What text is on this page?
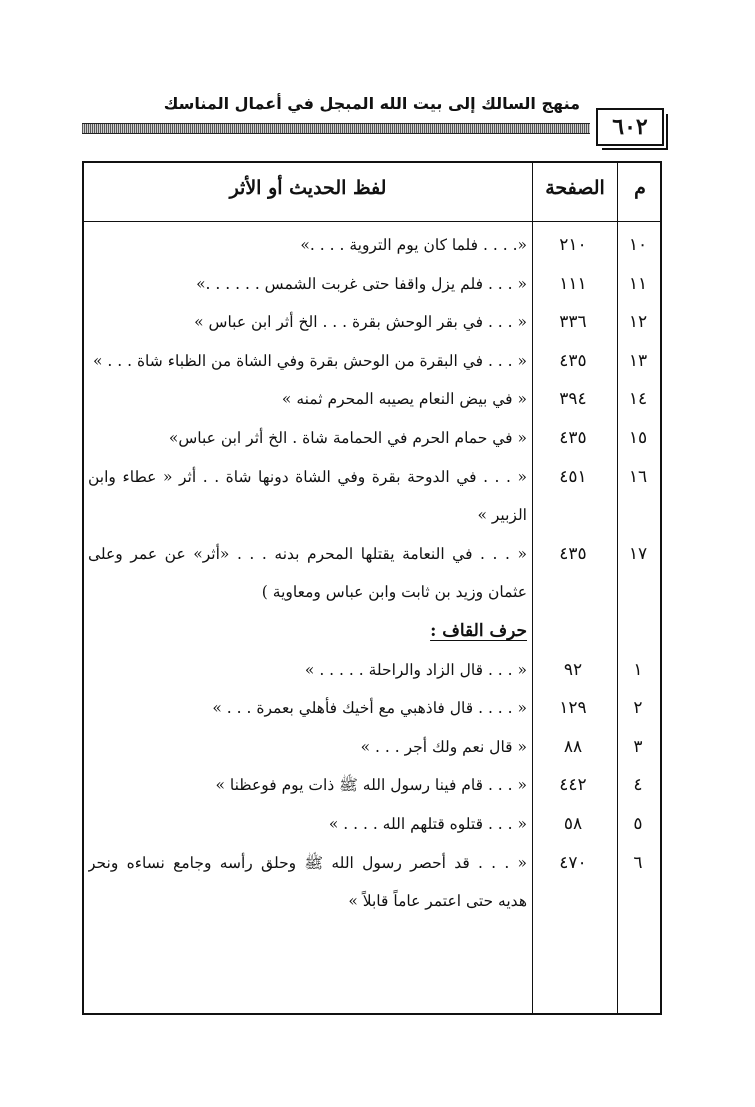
منهج السالك إلى بيت الله المبجل في أعمال المناسك
٦٠٢
م
الصفحة
لفظ الحديث أو الأثر
١٠
٢١٠
«. . . . فلما كان يوم التروية . . . .»
١١
١١١
« . . . فلم يزل واقفا حتى غربت الشمس . . . . . .»
١٢
٣٣٦
« . . . في بقر الوحش بقرة . . . الخ أثر ابن عباس »
١٣
٤٣٥
« . . . في البقرة من الوحش بقرة وفي الشاة من الظباء شاة . . . »
١٤
٣٩٤
« في بيض النعام يصيبه المحرم ثمنه »
١٥
٤٣٥
« في حمام الحرم في الحمامة شاة . الخ أثر ابن عباس»
١٦
٤٥١
« . . . في الدوحة بقرة وفي الشاة دونها شاة . . أثر « عطاء وابن
الزبير »
١٧
٤٣٥
« . . . في النعامة يقتلها المحرم بدنه . . . «أثر» عن عمر وعلى
عثمان وزيد بن ثابت وابن عباس ومعاوية )
حرف القاف :
١
٩٢
« . . . قال الزاد والراحلة . . . . . »
٢
١٢٩
« . . . . قال فاذهبي مع أخيك فأهلي بعمرة . . . »
٣
٨٨
« قال نعم ولك أجر . . . »
٤
٤٤٢
« . . . قام فينا رسول الله ﷺ ذات يوم فوعظنا »
٥
٥٨
« . . . قتلوه قتلهم الله . . . . »
٦
٤٧٠
« . . . قد أحصر رسول الله ﷺ وحلق رأسه وجامع نساءه ونحر
هديه حتى اعتمر عاماً قابلاً »
